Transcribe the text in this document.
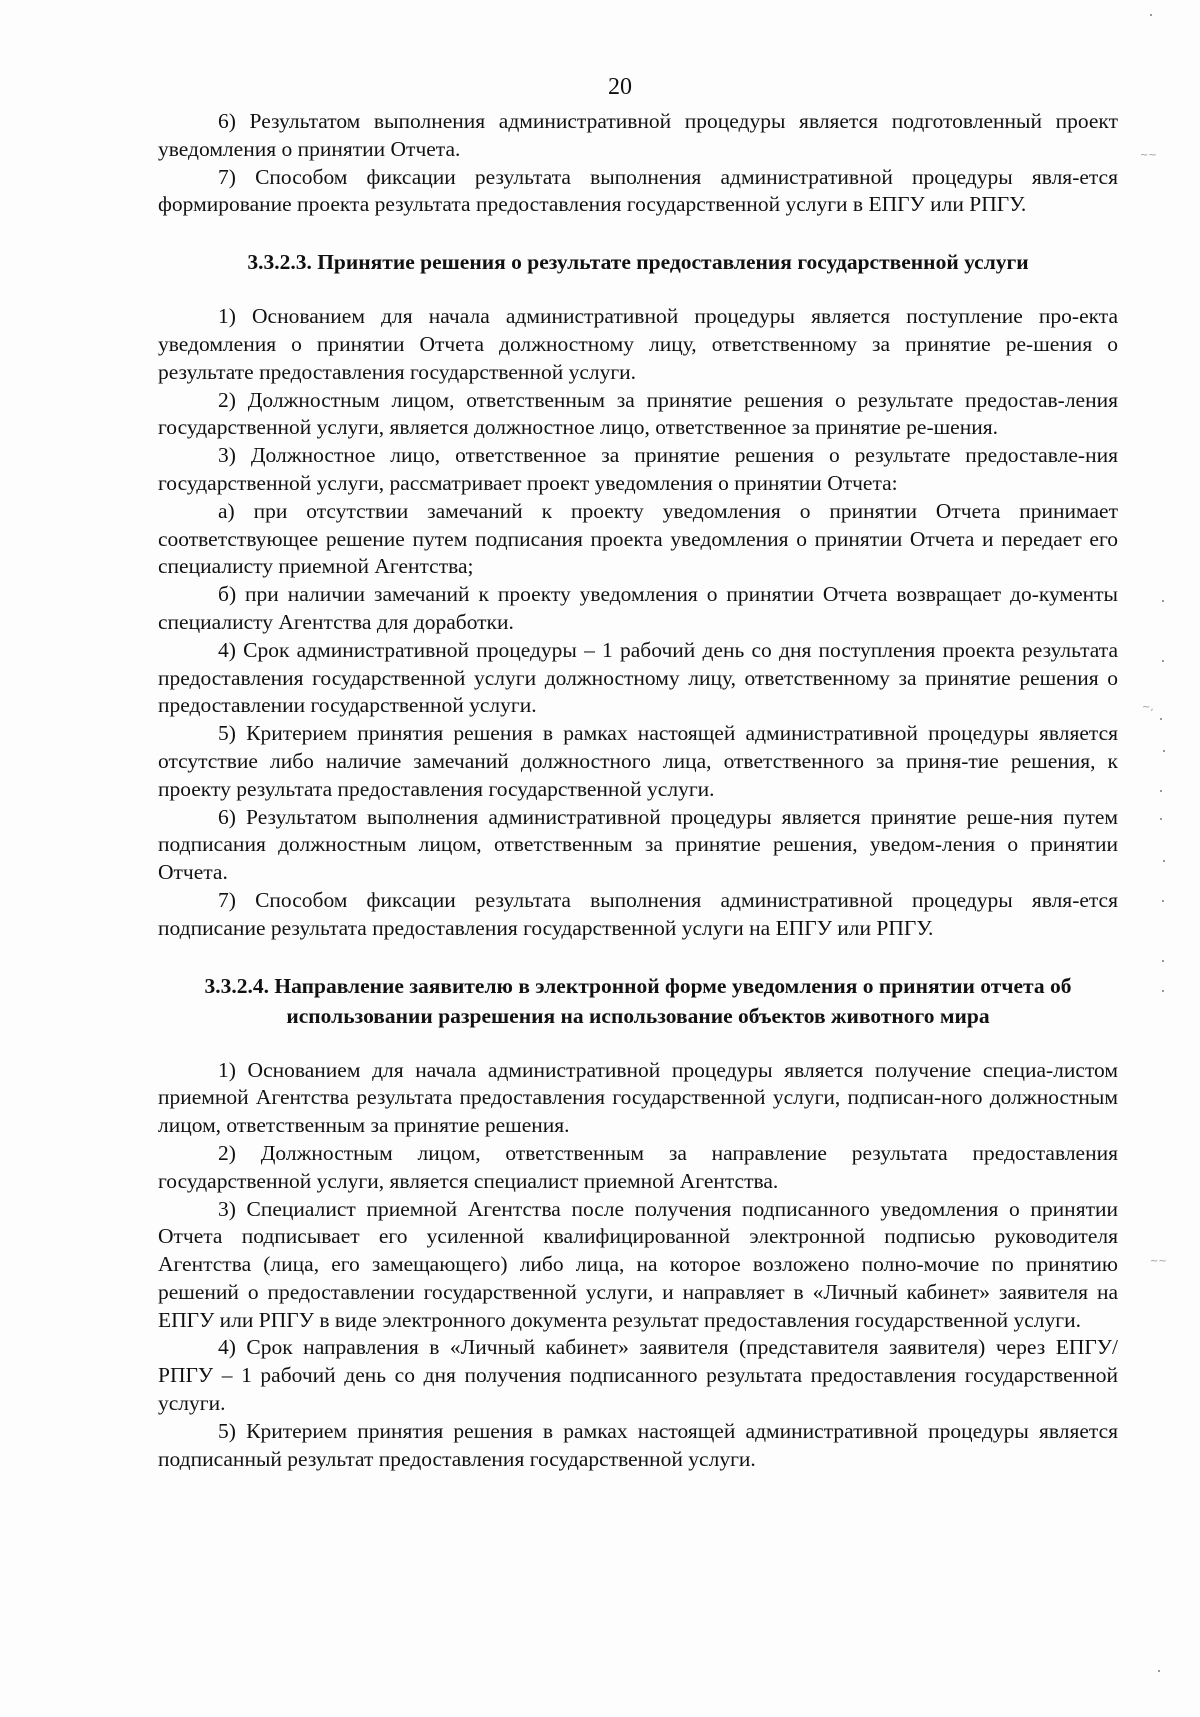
20

6) Результатом выполнения административной процедуры является подготовленный проект уведомления о принятии Отчета.

7) Способом фиксации результата выполнения административной процедуры явля-ется формирование проекта результата предоставления государственной услуги в ЕПГУ или РПГУ.

3.3.2.3. Принятие решения о результате предоставления государственной услуги

1) Основанием для начала административной процедуры является поступление про-екта уведомления о принятии Отчета должностному лицу, ответственному за принятие ре-шения о результате предоставления государственной услуги.

2) Должностным лицом, ответственным за принятие решения о результате предостав-ления государственной услуги, является должностное лицо, ответственное за принятие ре-шения.

3) Должностное лицо, ответственное за принятие решения о результате предоставле-ния государственной услуги, рассматривает проект уведомления о принятии Отчета:

а) при отсутствии замечаний к проекту уведомления о принятии Отчета принимает соответствующее решение путем подписания проекта уведомления о принятии Отчета и передает его специалисту приемной Агентства;

б) при наличии замечаний к проекту уведомления о принятии Отчета возвращает до-кументы специалисту Агентства для доработки.

4) Срок административной процедуры – 1 рабочий день со дня поступления проекта результата предоставления государственной услуги должностному лицу, ответственному за принятие решения о предоставлении государственной услуги.

5) Критерием принятия решения в рамках настоящей административной процедуры является отсутствие либо наличие замечаний должностного лица, ответственного за приня-тие решения, к проекту результата предоставления государственной услуги.

6) Результатом выполнения административной процедуры является принятие реше-ния путем подписания должностным лицом, ответственным за принятие решения, уведом-ления о принятии Отчета.

7) Способом фиксации результата выполнения административной процедуры явля-ется подписание результата предоставления государственной услуги на ЕПГУ или РПГУ.

3.3.2.4. Направление заявителю в электронной форме уведомления о принятии отчета об использовании разрешения на использование объектов животного мира

1) Основанием для начала административной процедуры является получение специа-листом приемной Агентства результата предоставления государственной услуги, подписан-ного должностным лицом, ответственным за принятие решения.

2) Должностным лицом, ответственным за направление результата предоставления государственной услуги, является специалист приемной Агентства.

3) Специалист приемной Агентства после получения подписанного уведомления о принятии Отчета подписывает его усиленной квалифицированной электронной подписью руководителя Агентства (лица, его замещающего) либо лица, на которое возложено полно-мочие по принятию решений о предоставлении государственной услуги, и направляет в «Личный кабинет» заявителя на ЕПГУ или РПГУ в виде электронного документа результат предоставления государственной услуги.

4) Срок направления в «Личный кабинет» заявителя (представителя заявителя) через ЕПГУ/РПГУ – 1 рабочий день со дня получения подписанного результата предоставления государственной услуги.

5) Критерием принятия решения в рамках настоящей административной процедуры является подписанный результат предоставления государственной услуги.

~~
~,
~~
